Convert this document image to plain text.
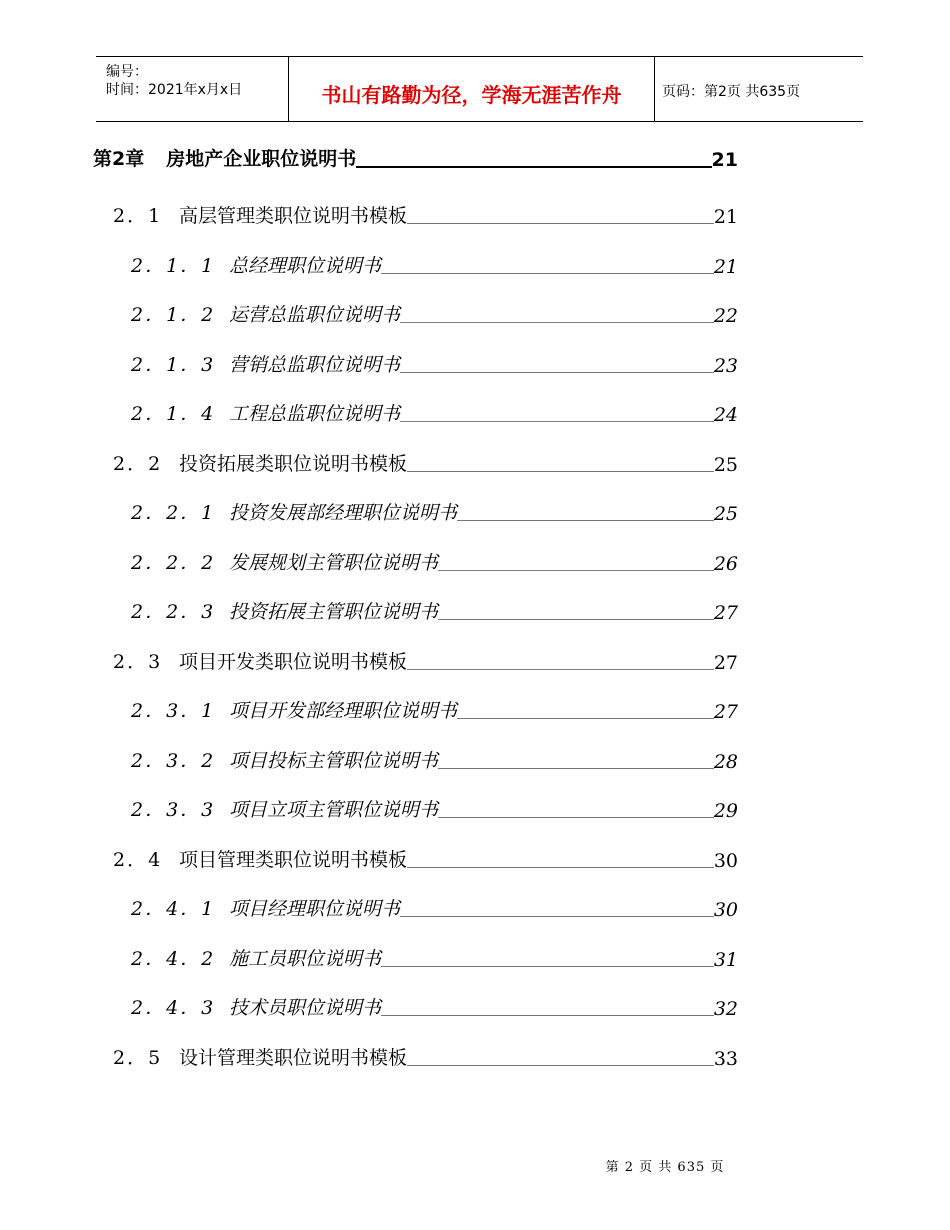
编号：
时间：2021年x月x日	书山有路勤为径，学海无涯苦作舟	页码：第2页 共635页
第2章 房地产企业职位说明书	21
2．1 高层管理类职位说明书模板	21
2．1．1 总经理职位说明书	21
2．1．2 运营总监职位说明书	22
2．1．3 营销总监职位说明书	23
2．1．4 工程总监职位说明书	24
2．2 投资拓展类职位说明书模板	25
2．2．1 投资发展部经理职位说明书	25
2．2．2 发展规划主管职位说明书	26
2．2．3 投资拓展主管职位说明书	27
2．3 项目开发类职位说明书模板	27
2．3．1 项目开发部经理职位说明书	27
2．3．2 项目投标主管职位说明书	28
2．3．3 项目立项主管职位说明书	29
2．4 项目管理类职位说明书模板	30
2．4．1 项目经理职位说明书	30
2．4．2 施工员职位说明书	31
2．4．3 技术员职位说明书	32
2．5 设计管理类职位说明书模板	33
第 2 页 共 635 页
